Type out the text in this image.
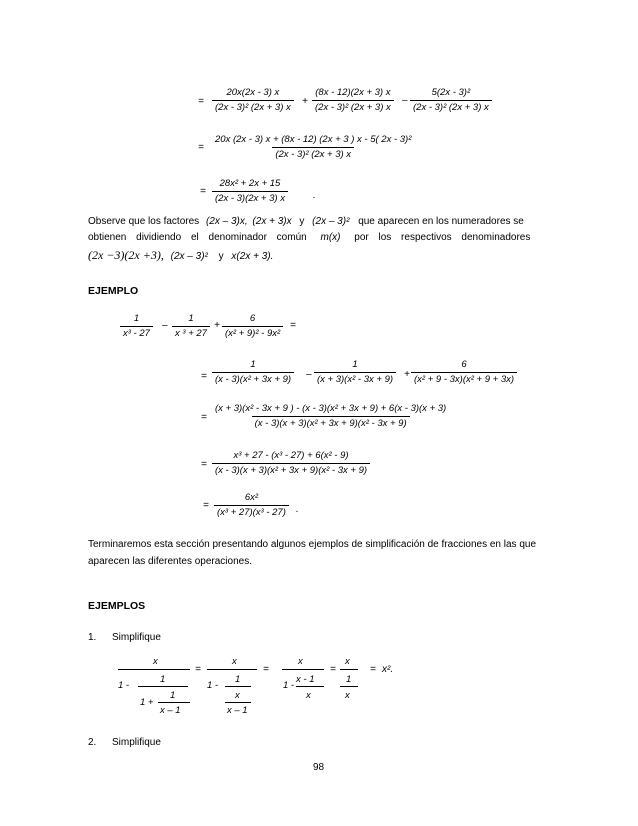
= $\frac{20x(2x - 3) x}{\text{(2x - 3)² (2x + 3) x}} + \frac{(8x - 12)(2x + 3) x}{\text{(2x - 3)² (2x + 3) x}} - \frac{\text{5(2x - 3)²}}{\text{(2x - 3)² (2x + 3) x}}$
= $\frac{\text{20x (2x - 3) x + (8x - 12) (2x + 3 ) x - 5( 2x - 3)²}}{\text{(2x - 3)² (2x + 3) x}}$
= $\frac{\text{28x² + 2x + 15}}{(2x - 3)(2x + 3) x}$	.
Observe que los factores (2x – 3)x, (2x + 3)x y (2x – 3)² que aparecen en los numeradores se
obtienen dividiendo el denominador común m(x) por los respectivos denominadores
(2x −3)(2x +3), (2x – 3)² y x(2x + 3).
EJEMPLO
$\frac{1}{\text{x³ - 27}} - \frac{1}{\text{x ³ + 27}} + \frac{6}{\text{(x² + 9)² - 9x²}}$ =
= $\frac{1}{\text{(x - 3)(x² + 3x + 9)}} - \frac{1}{\text{(x + 3)(x² - 3x + 9)}} + \frac{6}{\text{(x² + 9 - 3x)(x² + 9 + 3x)}}$
=
(x + 3)(x² - 3x + 9 ) - (x - 3)(x² + 3x + 9) + 6(x - 3)(x + 3)
(x - 3)(x + 3)(x² + 3x + 9)(x² - 3x + 9)
= $\frac{\text{x³ + 27 - (x³ - 27) + 6(x² - 9)}}{\text{(x - 3)(x + 3)(x² + 3x + 9)(x² - 3x + 9)}}$
= $\frac{\text{6x²}}{\text{(x³ + 27)(x³ - 27)}}$ .
Terminaremos esta sección presentando algunos ejemplos de simplificación de fracciones en las que
aparecen las diferentes operaciones.
EJEMPLOS
1. Simplifique
x
1 -
1
1 +
1
x – 1
=
x
1 -
1
x
x – 1
=
x
1 -
x - 1
x
=
x
1
x
= x².
2. Simplifique
98
